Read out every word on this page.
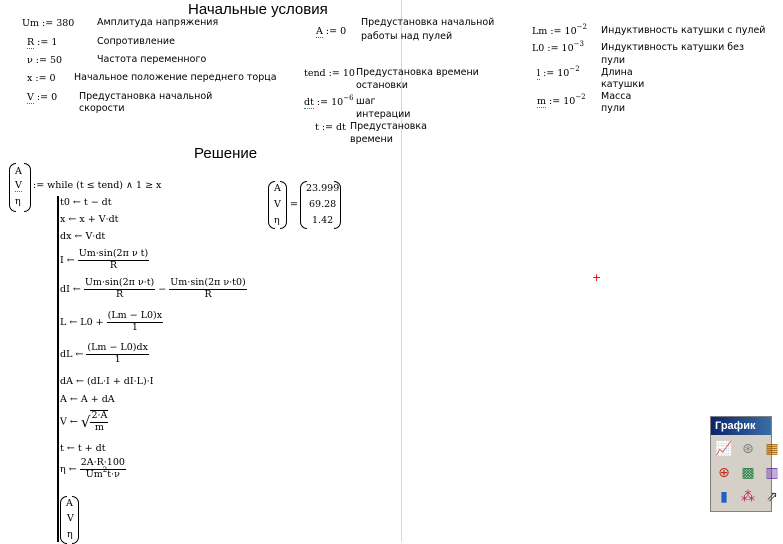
Начальные условия
Решение
Um := 380 Амплитуда напряжения
R := 1	Сопротивление
ν := 50	Частота переменного
x := 0 Начальное положение переднего торца
V := 0 Предустановка начальной
скорости
A := 0
Предустановка начальной
работы над пулей
tend := 10 Предустановка времени
остановки
dt := $10^{-6}$ шаг
интерации
t := dt Предустановка
времени
Lm := $10^{-2}$ Индуктивность катушки с пулей
L0 := $10^{-3}$ Индуктивность катушки без
пули
l := $10^{-2}$ Длина
катушки
m := $10^{-2}$ Масса
пули
A
V
η
:= while (t ≤ tend) ∧ 1 ≥ x
t0 ← t − dt
x ← x + V·dt
dx ← V·dt
I ← $\frac{\text{Um·sin(2π ν t)}}{R}$
dI ← $\frac{\text{Um·sin(2π ν·t)}}{R} - \frac{\text{Um·sin(2π ν·t0)}}{R}$
L ← $L0 + \frac{(Lm - L0)x}{1}$
dL ← $\frac{(Lm - L0)dx}{1}$
dA ← (dL·I + dI·L)·I
A ← A + dA
V ← √ $\frac{2\cdot A}{m}$
t ← t + dt
η ← $\frac{2A\cdot R\cdot 100}{Um^2t\cdot\nu}$
A
V
η
A
V
η
=
23.999
69.28
1.42
+
График
📈 ⊛ ▦
⊕ ▩ ▥
▮ ⁂ ⇗
